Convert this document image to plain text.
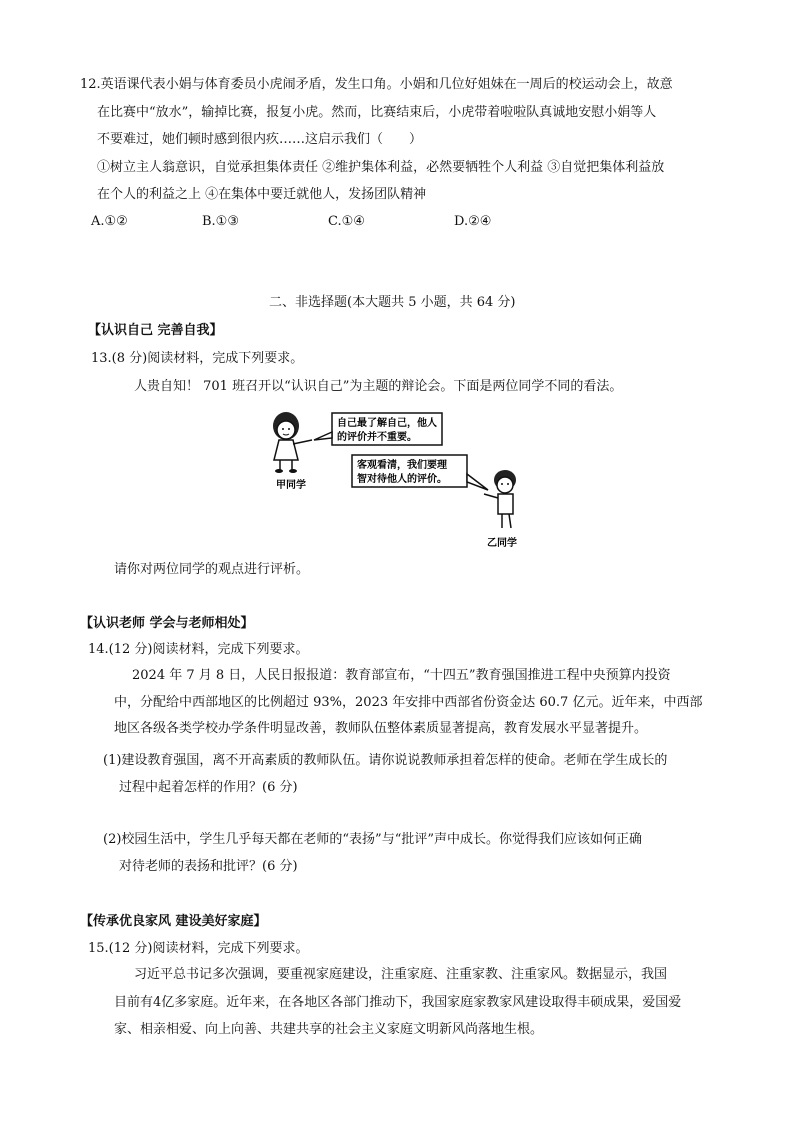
12.英语课代表小娟与体育委员小虎闹矛盾，发生口角。小娟和几位好姐妹在一周后的校运动会上，故意
在比赛中“放水”，输掉比赛，报复小虎。然而，比赛结束后，小虎带着啦啦队真诚地安慰小娟等人
不要难过，她们顿时感到很内疚……这启示我们（　　）
①树立主人翁意识，自觉承担集体责任 ②维护集体利益，必然要牺牲个人利益 ③自觉把集体利益放
在个人的利益之上 ④在集体中要迁就他人，发扬团队精神
A.①②	B.①③	C.①④	D.②④
二、非选择题(本大题共 5 小题，共 64 分)
【认识自己 完善自我】
13.(8 分)阅读材料，完成下列要求。
人贵自知！ 701 班召开以“认识自己”为主题的辩论会。下面是两位同学不同的看法。
自己最了解自己，他人
的评价并不重要。
甲同学
客观看清，我们要理
智对待他人的评价。
乙同学
请你对两位同学的观点进行评析。
【认识老师 学会与老师相处】
14.(12 分)阅读材料，完成下列要求。
2024 年 7 月 8 日，人民日报报道：教育部宣布，“十四五”教育强国推进工程中央预算内投资
中，分配给中西部地区的比例超过 93%，2023 年安排中西部省份资金达 60.7 亿元。近年来，中西部
地区各级各类学校办学条件明显改善，教师队伍整体素质显著提高，教育发展水平显著提升。
(1)建设教育强国，离不开高素质的教师队伍。请你说说教师承担着怎样的使命。老师在学生成长的
过程中起着怎样的作用？(6 分)
(2)校园生活中，学生几乎每天都在老师的“表扬”与“批评”声中成长。你觉得我们应该如何正确
对待老师的表扬和批评？(6 分)
【传承优良家风 建设美好家庭】
15.(12 分)阅读材料，完成下列要求。
习近平总书记多次强调，要重视家庭建设，注重家庭、注重家教、注重家风。数据显示，我国
目前有4亿多家庭。近年来，在各地区各部门推动下，我国家庭家教家风建设取得丰硕成果，爱国爱
家、相亲相爱、向上向善、共建共享的社会主义家庭文明新风尚落地生根。
